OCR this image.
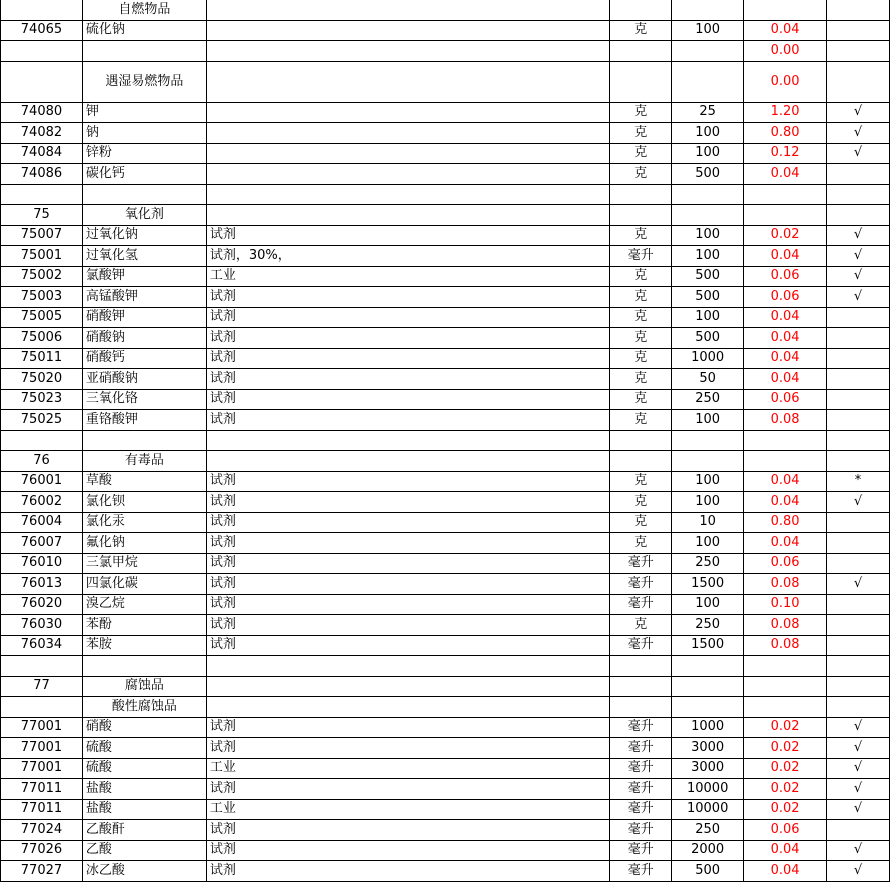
	自燃物品					
74065	硫化钠		克	100	0.04	
					0.00	
	遇湿易燃物品				0.00	
74080	钾		克	25	1.20	√
74082	钠		克	100	0.80	√
74084	锌粉		克	100	0.12	√
74086	碳化钙		克	500	0.04	

75	氧化剂					
75007	过氧化钠	试剂	克	100	0.02	√
75001	过氧化氢	试剂，30%，	毫升	100	0.04	√
75002	氯酸钾	工业	克	500	0.06	√
75003	高锰酸钾	试剂	克	500	0.06	√
75005	硝酸钾	试剂	克	100	0.04	
75006	硝酸钠	试剂	克	500	0.04	
75011	硝酸钙	试剂	克	1000	0.04	
75020	亚硝酸钠	试剂	克	50	0.04	
75023	三氧化铬	试剂	克	250	0.06	
75025	重铬酸钾	试剂	克	100	0.08	

76	有毒品					
76001	草酸	试剂	克	100	0.04	*
76002	氯化钡	试剂	克	100	0.04	√
76004	氯化汞	试剂	克	10	0.80	
76007	氟化钠	试剂	克	100	0.04	
76010	三氯甲烷	试剂	毫升	250	0.06	
76013	四氯化碳	试剂	毫升	1500	0.08	√
76020	溴乙烷	试剂	毫升	100	0.10	
76030	苯酚	试剂	克	250	0.08	
76034	苯胺	试剂	毫升	1500	0.08	

77	腐蚀品					
	酸性腐蚀品					
77001	硝酸	试剂	毫升	1000	0.02	√
77001	硫酸	试剂	毫升	3000	0.02	√
77001	硫酸	工业	毫升	3000	0.02	√
77011	盐酸	试剂	毫升	10000	0.02	√
77011	盐酸	工业	毫升	10000	0.02	√
77024	乙酸酐	试剂	毫升	250	0.06	
77026	乙酸	试剂	毫升	2000	0.04	√
77027	冰乙酸	试剂	毫升	500	0.04	√
